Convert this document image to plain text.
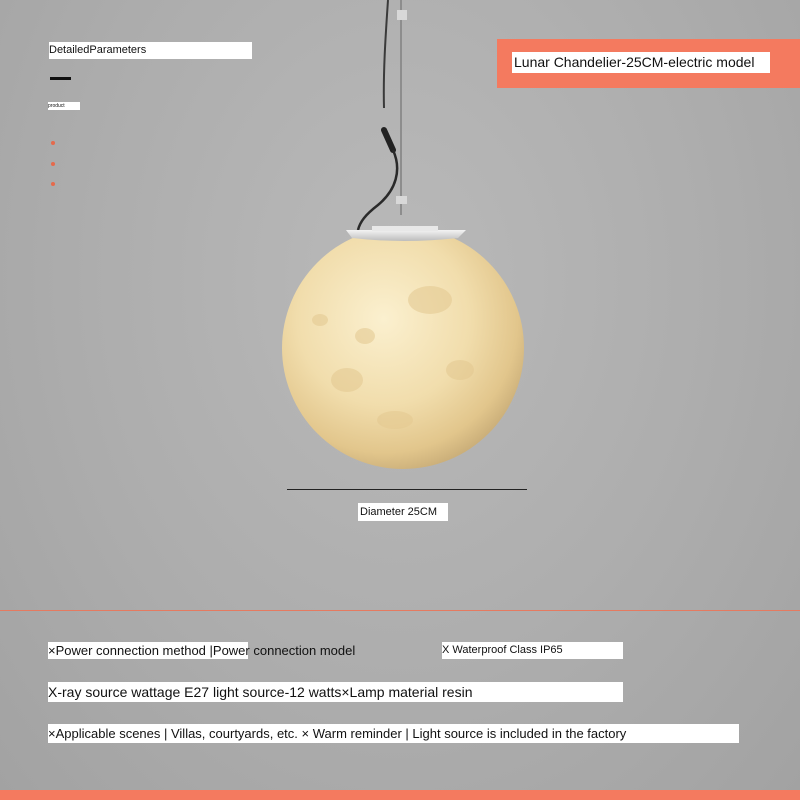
DetailedParameters
product
Lunar Chandelier-25CM-electric model
Diameter 25CM
×Power connection method |Power connection model	X Waterproof Class IP65
X-ray source wattage E27 light source-12 watts×Lamp material resin
×Applicable scenes | Villas, courtyards, etc. × Warm reminder | Light source is included in the factory
